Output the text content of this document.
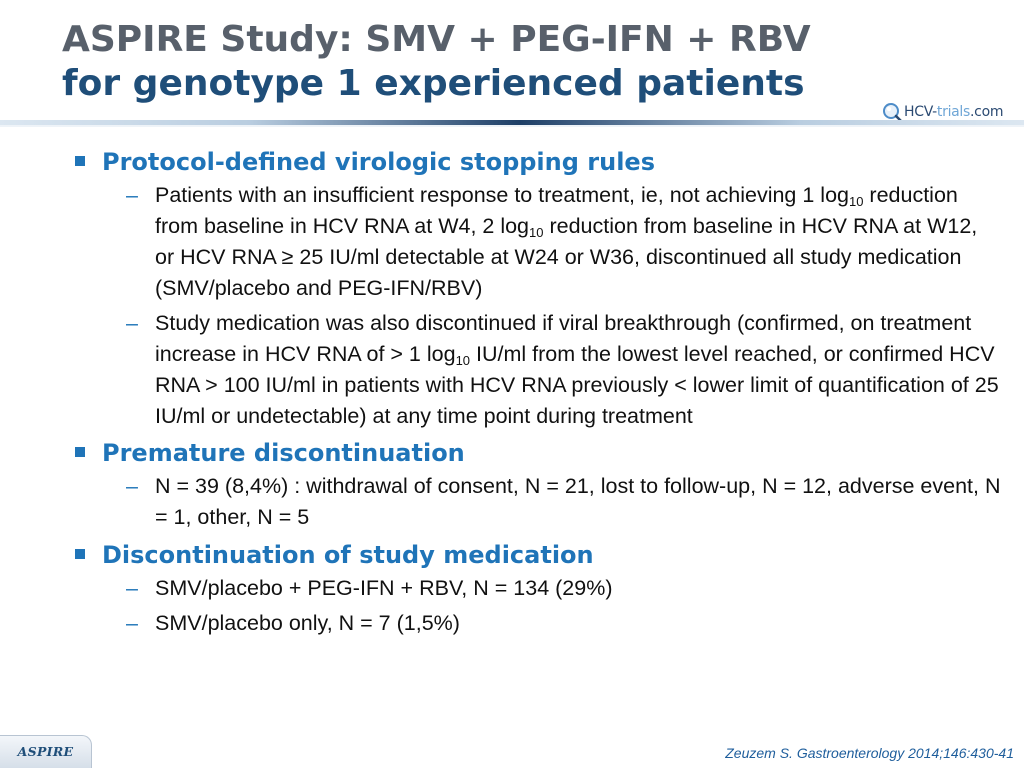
ASPIRE Study: SMV + PEG-IFN + RBV
for genotype 1 experienced patients
HCV-trials.com
Protocol-defined virologic stopping rules
– Patients with an insufficient response to treatment, ie, not achieving 1 $\log_{10}$ reduction from baseline in HCV RNA at W4, 2 $\log_{10}$ reduction from baseline in HCV RNA at W12, or HCV RNA ≥ 25 IU/ml detectable at W24 or W36, discontinued all study medication (SMV/placebo and PEG-IFN/RBV)
– Study medication was also discontinued if viral breakthrough (confirmed, on treatment increase in HCV RNA of > 1 $\log_{10} IU/ml$ from the lowest level reached, or confirmed HCV RNA > 100 IU/ml in patients with HCV RNA previously < lower limit of quantification of 25 IU/ml or undetectable) at any time point during treatment
Premature discontinuation
– N = 39 (8,4%) : withdrawal of consent, N = 21, lost to follow-up, N = 12, adverse event, N = 1, other, N = 5
Discontinuation of study medication
– SMV/placebo + PEG-IFN + RBV, N = 134 (29%)
– SMV/placebo only, N = 7 (1,5%)
ASPIRE	Zeuzem S. Gastroenterology 2014;146:430-41
